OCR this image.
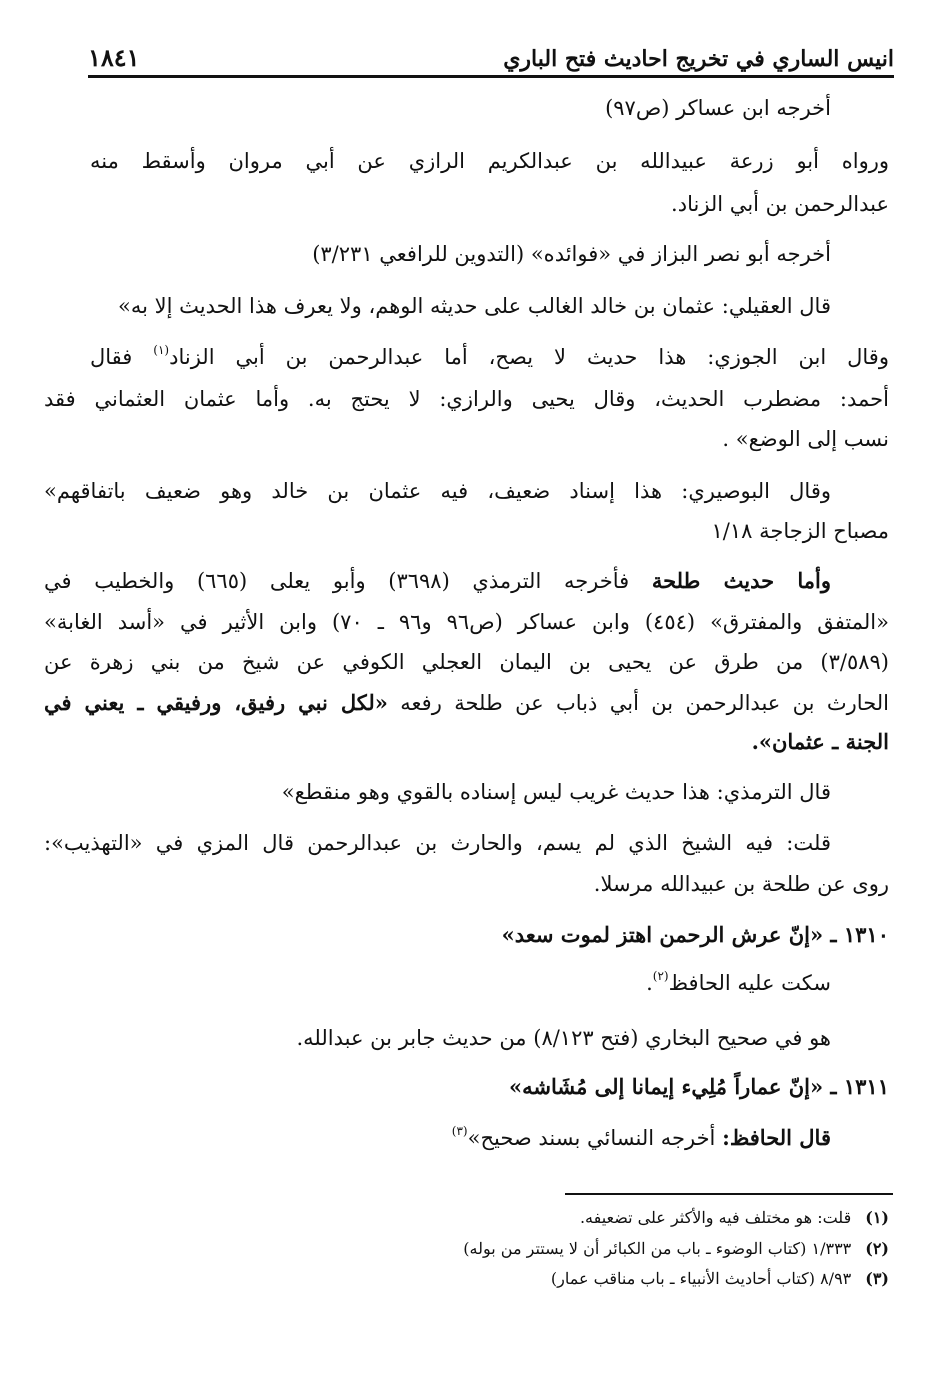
انيس الساري في تخريج احاديث فتح الباري
١٨٤١
أخرجه ابن عساكر (ص٩٧)
ورواه أبو زرعة عبيدالله بن عبدالكريم الرازي عن أبي مروان وأسقط منه
عبدالرحمن بن أبي الزناد.
أخرجه أبو نصر البزاز في «فوائده» (التدوين للرافعي ٣/٢٣١)
قال العقيلي: عثمان بن خالد الغالب على حديثه الوهم، ولا يعرف هذا الحديث إلا به»
وقال ابن الجوزي: هذا حديث لا يصح، أما عبدالرحمن بن أبي الزناد$^{(١)}$ فقال
أحمد: مضطرب الحديث، وقال يحيى والرازي: لا يحتج به. وأما عثمان العثماني فقد
نسب إلى الوضع» .
وقال البوصيري: هذا إسناد ضعيف، فيه عثمان بن خالد وهو ضعيف باتفاقهم»
مصباح الزجاجة ١/١٨
وأما حديث طلحة فأخرجه الترمذي (٣٦٩٨) وأبو يعلى (٦٦٥) والخطيب في
«المتفق والمفترق» (٤٥٤) وابن عساكر (ص٩٦ و٩٦ ـ ٧٠) وابن الأثير في «أسد الغابة»
(٣/٥٨٩) من طرق عن يحيى بن اليمان العجلي الكوفي عن شيخ من بني زهرة عن
الحارث بن عبدالرحمن بن أبي ذباب عن طلحة رفعه «لكل نبي رفيق، ورفيقي ـ يعني في
الجنة ـ عثمان».
قال الترمذي: هذا حديث غريب ليس إسناده بالقوي وهو منقطع»
قلت: فيه الشيخ الذي لم يسم، والحارث بن عبدالرحمن قال المزي في «التهذيب»:
روى عن طلحة بن عبيدالله مرسلا.
١٣١٠ ـ «إنّ عرش الرحمن اهتز لموت سعد»
سكت عليه الحافظ$^{(٢)}$.
هو في صحيح البخاري (فتح ٨/١٢٣) من حديث جابر بن عبدالله.
١٣١١ ـ «إنّ عماراً مُلِيء إيمانا إلى مُشَاشه»
قال الحافظ: أخرجه النسائي بسند صحيح»$^{(٣)}$
(١)
قلت: هو مختلف فيه والأكثر على تضعيفه.
(٢)
١/٣٣٣ (كتاب الوضوء ـ باب من الكبائر أن لا يستتر من بوله)
(٣)
٨/٩٣ (كتاب أحاديث الأنبياء ـ باب مناقب عمار)
